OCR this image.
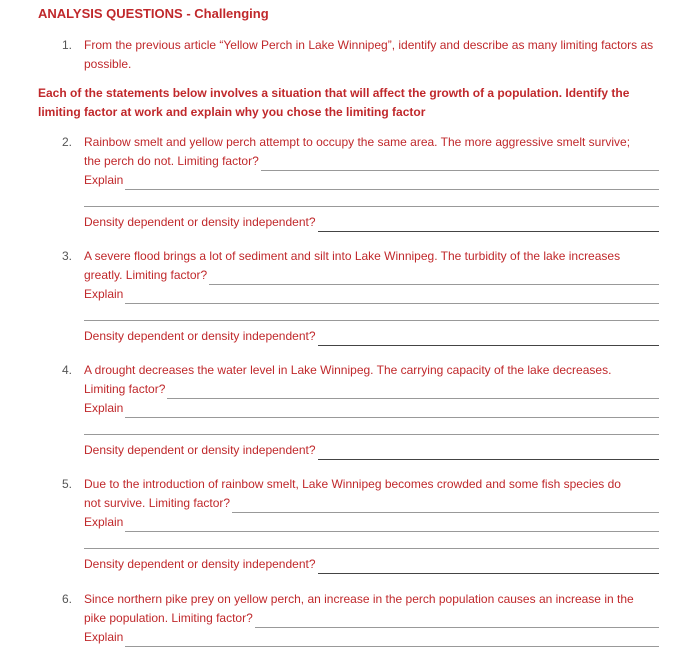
ANALYSIS QUESTIONS - Challenging
1. From the previous article “Yellow Perch in Lake Winnipeg”, identify and describe as many limiting factors as possible.
Each of the statements below involves a situation that will affect the growth of a population. Identify the limiting factor at work and explain why you chose the limiting factor
2. Rainbow smelt and yellow perch attempt to occupy the same area. The more aggressive smelt survive;
the perch do not. Limiting factor?
Explain
Density dependent or density independent?
3. A severe flood brings a lot of sediment and silt into Lake Winnipeg. The turbidity of the lake increases
greatly. Limiting factor?
Explain
Density dependent or density independent?
4. A drought decreases the water level in Lake Winnipeg. The carrying capacity of the lake decreases.
Limiting factor?
Explain
Density dependent or density independent?
5. Due to the introduction of rainbow smelt, Lake Winnipeg becomes crowded and some fish species do
not survive. Limiting factor?
Explain
Density dependent or density independent?
6. Since northern pike prey on yellow perch, an increase in the perch population causes an increase in the
pike population. Limiting factor?
Explain
